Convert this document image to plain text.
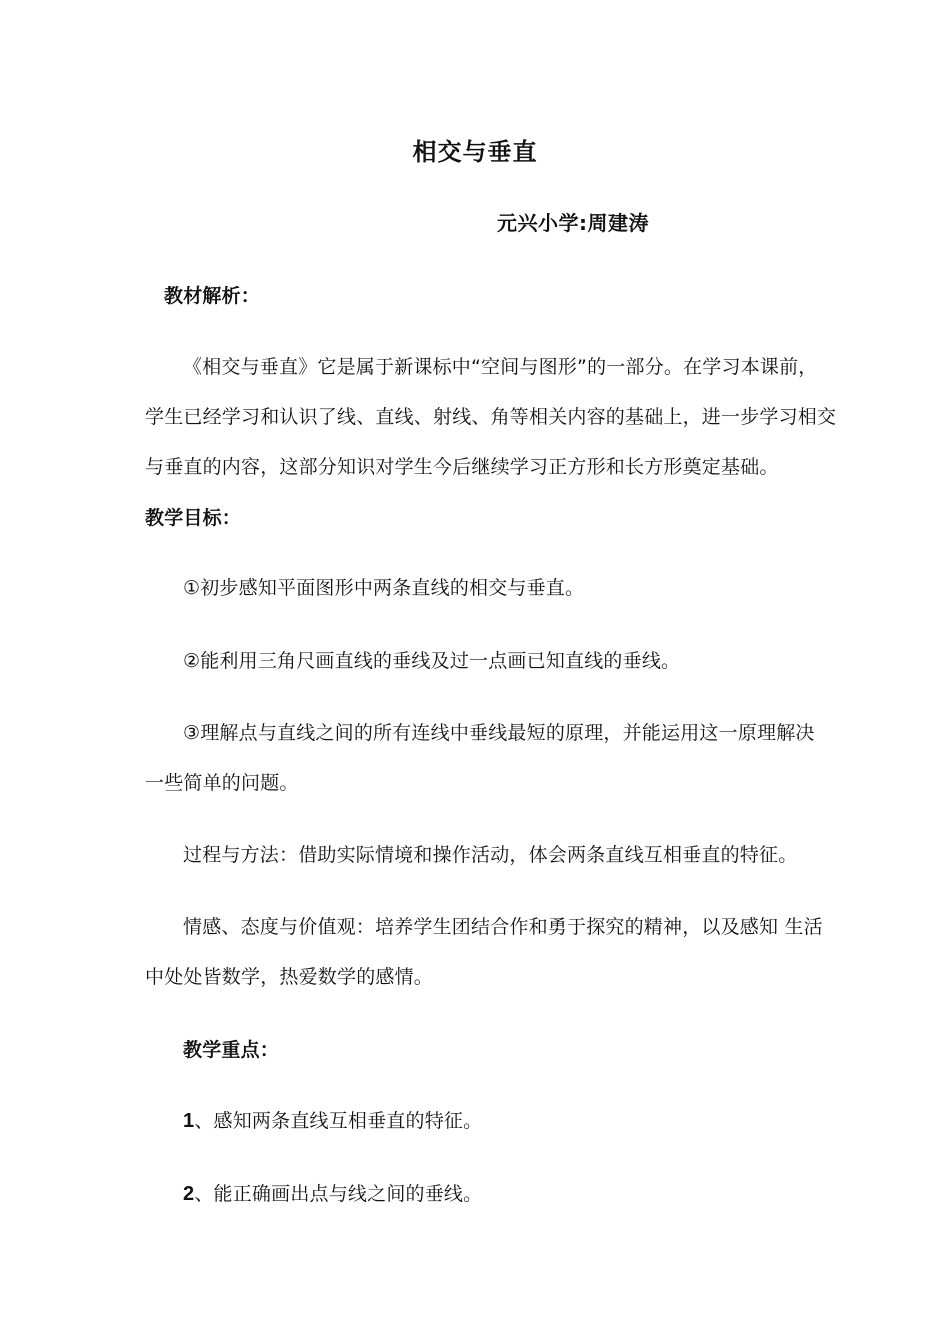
相交与垂直
元兴小学:周建涛
教材解析：
《相交与垂直》它是属于新课标中“空间与图形”的一部分。在学习本课前，
学生已经学习和认识了线、直线、射线、角等相关内容的基础上，进一步学习相交
与垂直的内容，这部分知识对学生今后继续学习正方形和长方形奠定基础。
教学目标：
①初步感知平面图形中两条直线的相交与垂直。
②能利用三角尺画直线的垂线及过一点画已知直线的垂线。
③理解点与直线之间的所有连线中垂线最短的原理，并能运用这一原理解决
一些简单的问题。
过程与方法：借助实际情境和操作活动，体会两条直线互相垂直的特征。
情感、态度与价值观：培养学生团结合作和勇于探究的精神，以及感知 生活
中处处皆数学，热爱数学的感情。
教学重点：
1、感知两条直线互相垂直的特征。
2、能正确画出点与线之间的垂线。
